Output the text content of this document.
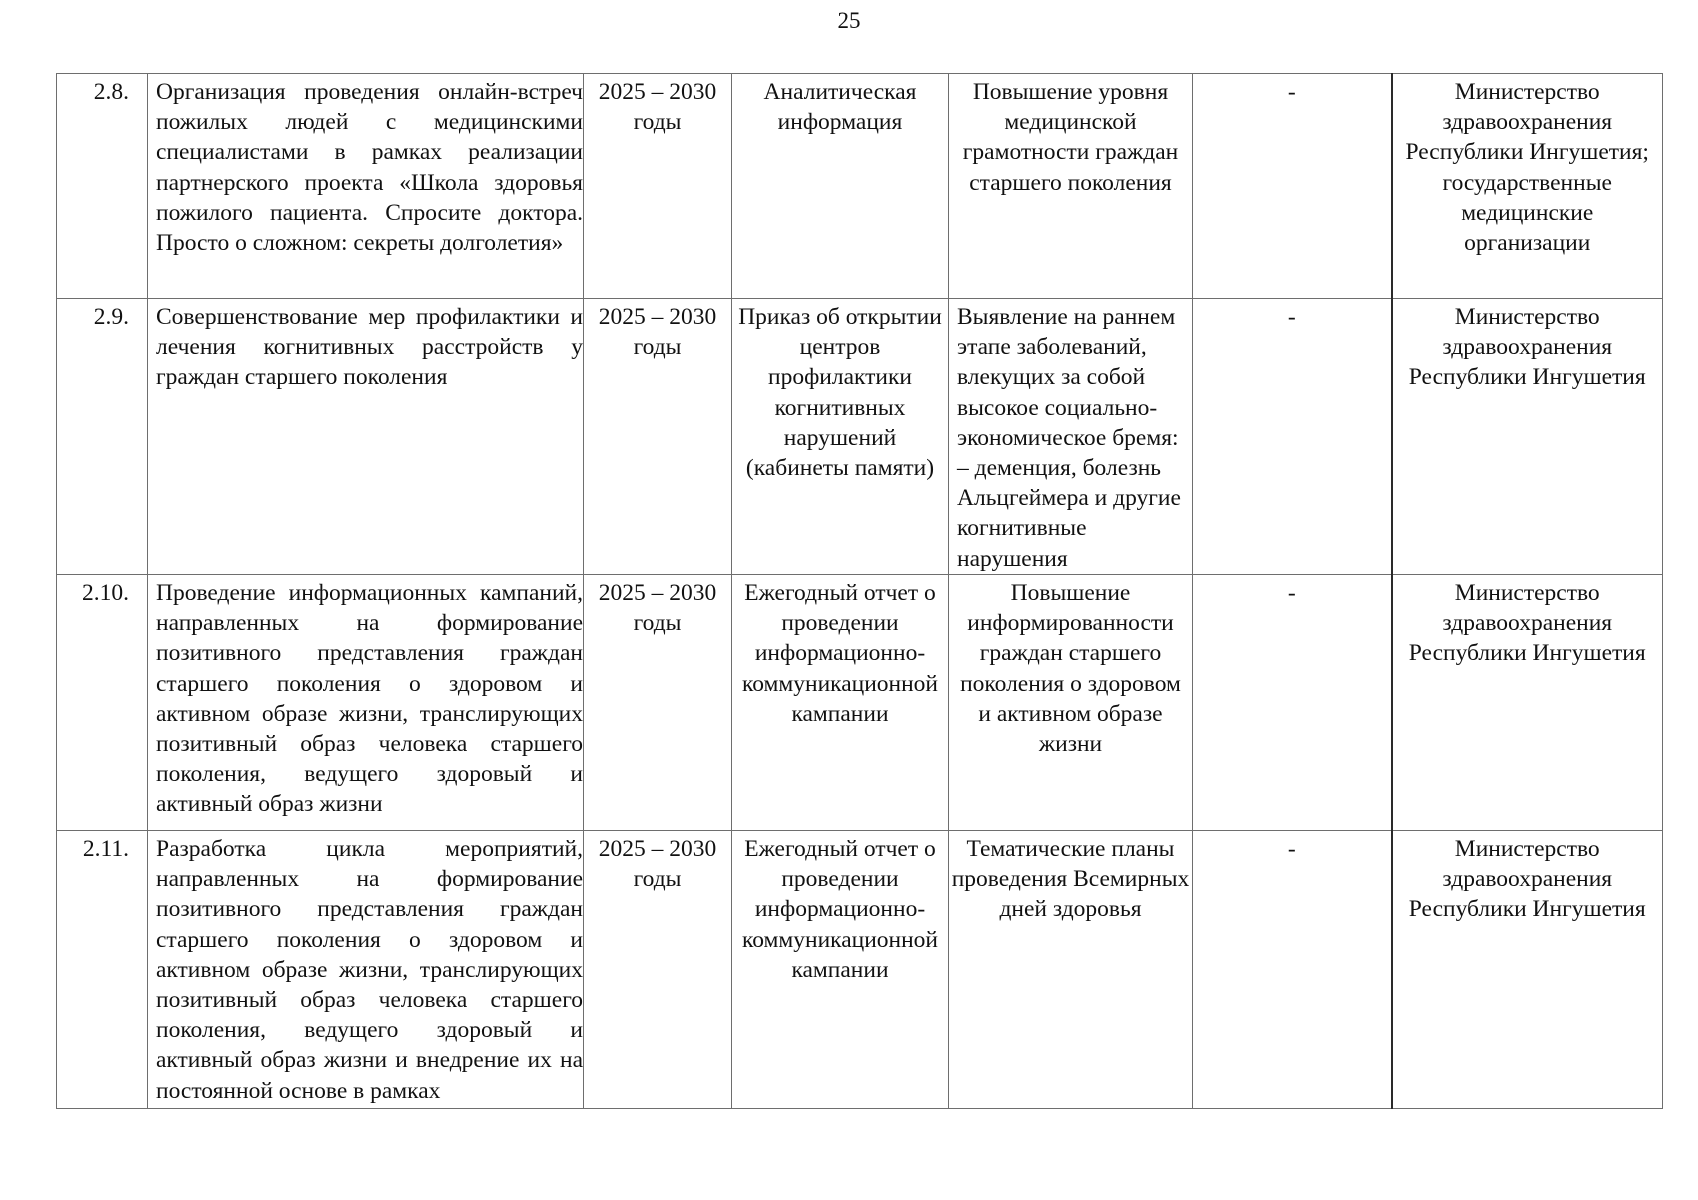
25
2.8.	Организация проведения онлайн-встреч пожилых людей с медицинскими специалистами в рамках реализации партнерского проекта «Школа здоровья пожилого пациента. Спросите доктора. Просто о сложном: секреты долголетия»	2025 – 2030 годы	Аналитическая информация	Повышение уровня медицинской грамотности граждан старшего поколения	-	Министерство здравоохранения Республики Ингушетия; государственные медицинские организации

2.9.	Совершенствование мер профилактики и лечения когнитивных расстройств у граждан старшего поколения	2025 – 2030 годы	Приказ об открытии центров профилактики когнитивных нарушений (кабинеты памяти)	Выявление на раннем этапе заболеваний, влекущих за собой высокое социально-экономическое бремя: – деменция, болезнь Альцгеймера и другие когнитивные нарушения	-	Министерство здравоохранения Республики Ингушетия

2.10.	Проведение информационных кампаний, направленных на формирование позитивного представления граждан старшего поколения о здоровом и активном образе жизни, транслирующих позитивный образ человека старшего поколения, ведущего здоровый и активный образ жизни	2025 – 2030 годы	Ежегодный отчет о проведении информационно-коммуникационной кампании	Повышение информированности граждан старшего поколения о здоровом и активном образе жизни	-	Министерство здравоохранения Республики Ингушетия

2.11.	Разработка цикла мероприятий, направленных на формирование позитивного представления граждан старшего поколения о здоровом и активном образе жизни, транслирующих позитивный образ человека старшего поколения, ведущего здоровый и активный образ жизни и внедрение их на постоянной основе в рамках	2025 – 2030 годы	Ежегодный отчет о проведении информационно-коммуникационной кампании	Тематические планы проведения Всемирных дней здоровья	-	Министерство здравоохранения Республики Ингушетия
